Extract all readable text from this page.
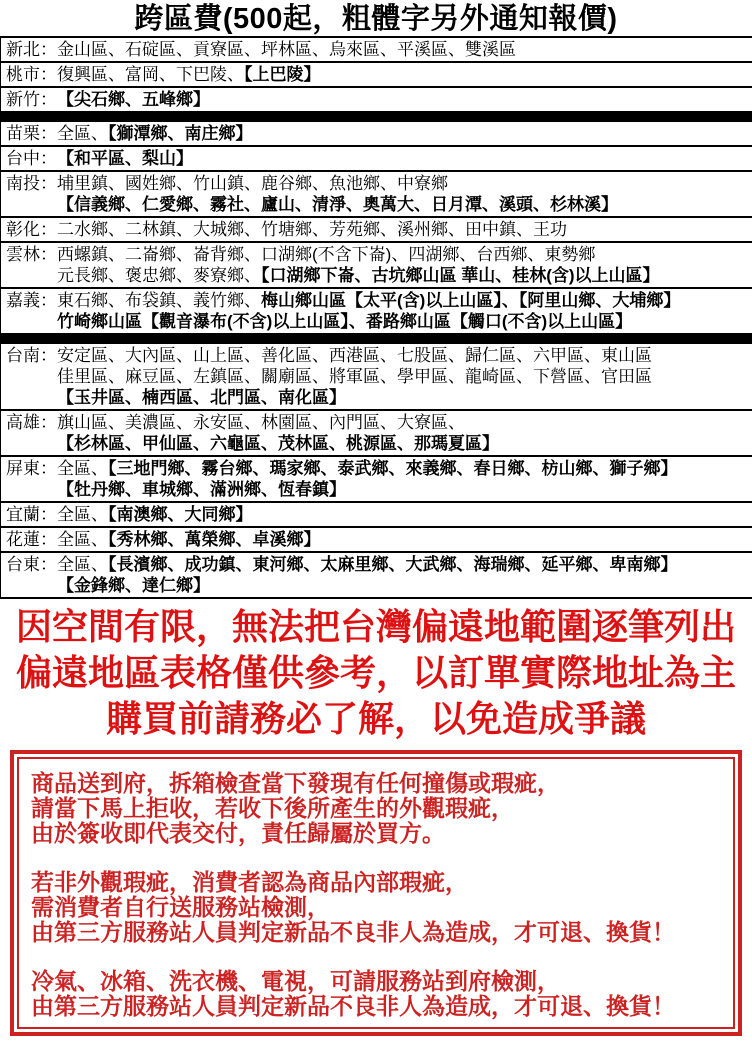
跨區費(500起，粗體字另外通知報價)
新北： 金山區、石碇區、貢寮區、坪林區、烏來區、平溪區、雙溪區
桃市： 復興區、富岡、下巴陵、【上巴陵】
新竹： 【尖石鄉、五峰鄉】
苗栗： 全區、【獅潭鄉、南庄鄉】
台中： 【和平區、梨山】
南投： 埔里鎮、國姓鄉、竹山鎮、鹿谷鄉、魚池鄉、中寮鄉
【信義鄉、仁愛鄉、霧社、廬山、清淨、奧萬大、日月潭、溪頭、杉林溪】
彰化： 二水鄉、二林鎮、大城鄉、竹塘鄉、芳苑鄉、溪州鄉、田中鎮、王功
雲林： 西螺鎮、二崙鄉、崙背鄉、口湖鄉(不含下崙)、四湖鄉、台西鄉、東勢鄉
元長鄉、褒忠鄉、麥寮鄉、【口湖鄉下崙、古坑鄉山區 華山、桂林(含)以上山區】
嘉義： 東石鄉、布袋鎮、義竹鄉、梅山鄉山區【太平(含)以上山區】、【阿里山鄉、大埔鄉】
竹崎鄉山區【觀音瀑布(不含)以上山區】、番路鄉山區【觸口(不含)以上山區】
台南： 安定區、大內區、山上區、善化區、西港區、七股區、歸仁區、六甲區、東山區
佳里區、麻豆區、左鎮區、關廟區、將軍區、學甲區、龍崎區、下營區、官田區
【玉井區、楠西區、北門區、南化區】
高雄： 旗山區、美濃區、永安區、林園區、內門區、大寮區、
【杉林區、甲仙區、六龜區、茂林區、桃源區、那瑪夏區】
屏東： 全區、【三地門鄉、霧台鄉、瑪家鄉、泰武鄉、來義鄉、春日鄉、枋山鄉、獅子鄉】
【牡丹鄉、車城鄉、滿洲鄉、恆春鎮】
宜蘭： 全區、【南澳鄉、大同鄉】
花蓮： 全區、【秀林鄉、萬榮鄉、卓溪鄉】
台東： 全區、【長濱鄉、成功鎮、東河鄉、太麻里鄉、大武鄉、海瑞鄉、延平鄉、卑南鄉】
【金鋒鄉、達仁鄉】
因空間有限，無法把台灣偏遠地範圍逐筆列出
偏遠地區表格僅供參考，以訂單實際地址為主
購買前請務必了解，以免造成爭議
商品送到府，拆箱檢查當下發現有任何撞傷或瑕疵，
請當下馬上拒收，若收下後所產生的外觀瑕疵，
由於簽收即代表交付，責任歸屬於買方。
若非外觀瑕疵，消費者認為商品內部瑕疵，
需消費者自行送服務站檢測，
由第三方服務站人員判定新品不良非人為造成，才可退、換貨！
冷氣、冰箱、洗衣機、電視，可請服務站到府檢測，
由第三方服務站人員判定新品不良非人為造成，才可退、換貨！
